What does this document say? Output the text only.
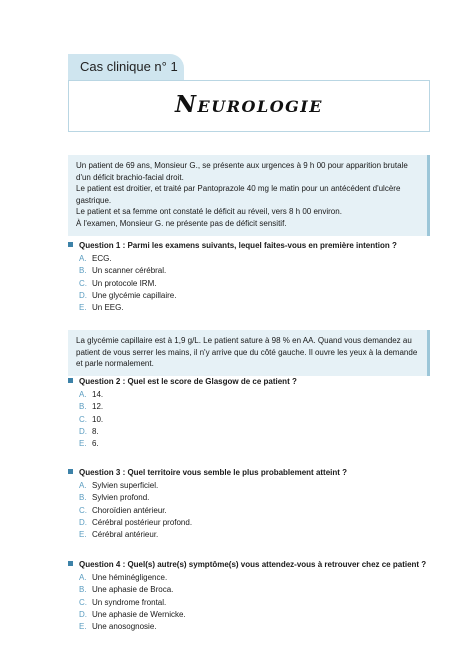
Cas clinique n° 1
Neurologie

Un patient de 69 ans, Monsieur G., se présente aux urgences à 9 h 00 pour apparition brutale d'un déficit brachio-facial droit.

Le patient est droitier, et traité par Pantoprazole 40 mg le matin pour un antécédent d'ulcère gastrique.

Le patient et sa femme ont constaté le déficit au réveil, vers 8 h 00 environ.

À l'examen, Monsieur G. ne présente pas de déficit sensitif.

Question 1 : Parmi les examens suivants, lequel faites-vous en première intention ?
A. ECG.
B. Un scanner cérébral.
C. Un protocole IRM.
D. Une glycémie capillaire.
E. Un EEG.

La glycémie capillaire est à 1,9 g/L. Le patient sature à 98 % en AA. Quand vous demandez au patient de vous serrer les mains, il n'y arrive que du côté gauche. Il ouvre les yeux à la demande et parle normalement.

Question 2 : Quel est le score de Glasgow de ce patient ?
A. 14.
B. 12.
C. 10.
D. 8.
E. 6.
Question 3 : Quel territoire vous semble le plus probablement atteint ?
A. Sylvien superficiel.
B. Sylvien profond.
C. Choroïdien antérieur.
D. Cérébral postérieur profond.
E. Cérébral antérieur.
Question 4 : Quel(s) autre(s) symptôme(s) vous attendez-vous à retrouver chez ce patient ?
A. Une héminégligence.
B. Une aphasie de Broca.
C. Un syndrome frontal.
D. Une aphasie de Wernicke.
E. Une anosognosie.
